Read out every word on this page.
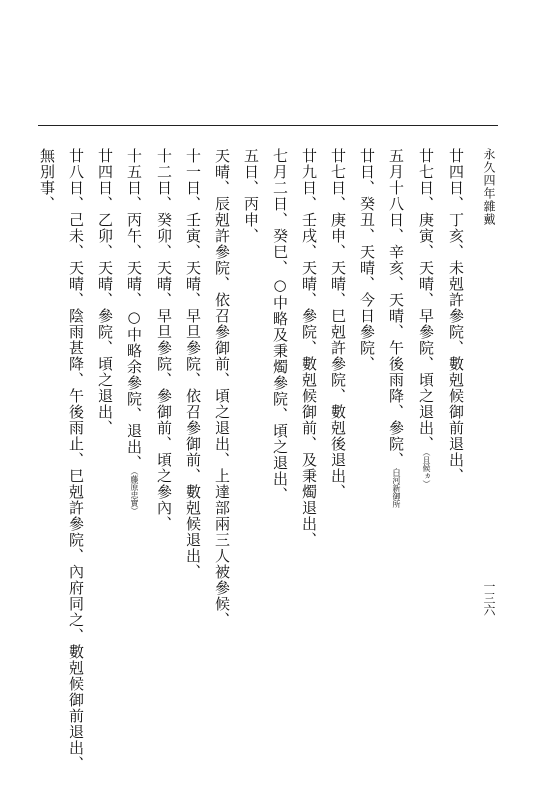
永久四年雜戴
一三六
廿四日、丁亥、未剋許參院、數剋候御前退出、
廿七日、庚寅、天晴、早參院、頃之退出、（且候ヵ）
五月十八日、辛亥、天晴、午後雨降、參院、白河新御所
廿日、癸丑、天晴、今日參院、
廿七日、庚申、天晴、巳剋許參院、數剋後退出、
廿九日、壬戌、天晴、參院、數剋候御前、及秉燭退出、
七月二日、癸巳、○中略及秉燭參院、頃之退出、
五日、丙申、
天晴、辰剋許參院、依召參御前、頃之退出、上達部兩三人被參候、
十一日、壬寅、天晴、早旦參院、依召參御前、數剋候退出、
十二日、癸卯、天晴、早旦參院、參御前、頃之參內、
十五日、丙午、天晴、○中略余參院、退出、（藤原忠實）
廿四日、乙卯、天晴、參院、頃之退出、
廿八日、己未、天晴、陰雨甚降、午後雨止、巳剋許參院、內府同之、數剋候御前退出、
無別事、
